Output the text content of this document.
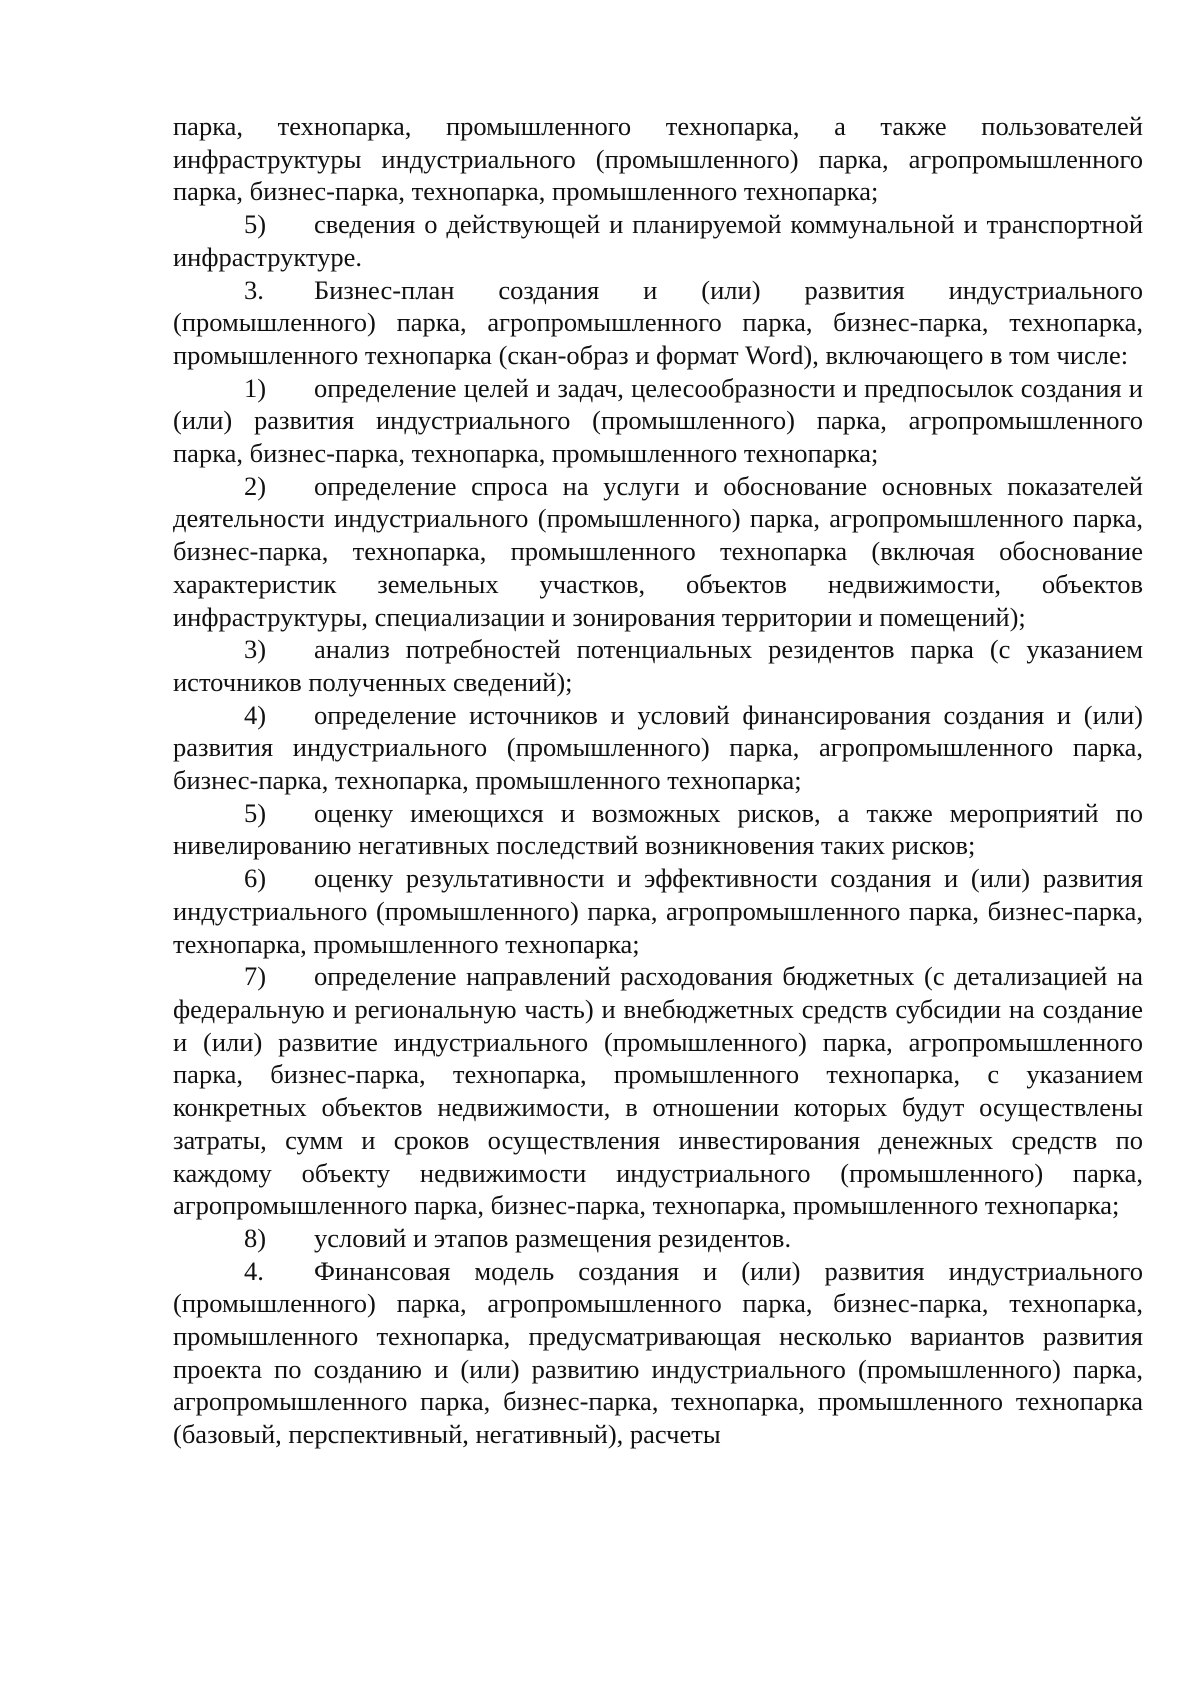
парка, технопарка, промышленного технопарка, а также пользователей инфраструктуры индустриального (промышленного) парка, агропромышленного парка, бизнес-парка, технопарка, промышленного технопарка;

5) сведения о действующей и планируемой коммунальной и транспортной инфраструктуре.

3. Бизнес-план создания и (или) развития индустриального (промышленного) парка, агропромышленного парка, бизнес-парка, технопарка, промышленного технопарка (скан-образ и формат Word), включающего в том числе:

1) определение целей и задач, целесообразности и предпосылок создания и (или) развития индустриального (промышленного) парка, агропромышленного парка, бизнес-парка, технопарка, промышленного технопарка;

2) определение спроса на услуги и обоснование основных показателей деятельности индустриального (промышленного) парка, агропромышленного парка, бизнес-парка, технопарка, промышленного технопарка (включая обоснование характеристик земельных участков, объектов недвижимости, объектов инфраструктуры, специализации и зонирования территории и помещений);

3) анализ потребностей потенциальных резидентов парка (с указанием источников полученных сведений);

4) определение источников и условий финансирования создания и (или) развития индустриального (промышленного) парка, агропромышленного парка, бизнес-парка, технопарка, промышленного технопарка;

5) оценку имеющихся и возможных рисков, а также мероприятий по нивелированию негативных последствий возникновения таких рисков;

6) оценку результативности и эффективности создания и (или) развития индустриального (промышленного) парка, агропромышленного парка, бизнес-парка, технопарка, промышленного технопарка;

7) определение направлений расходования бюджетных (с детализацией на федеральную и региональную часть) и внебюджетных средств субсидии на создание и (или) развитие индустриального (промышленного) парка, агропромышленного парка, бизнес-парка, технопарка, промышленного технопарка, с указанием конкретных объектов недвижимости, в отношении которых будут осуществлены затраты, сумм и сроков осуществления инвестирования денежных средств по каждому объекту недвижимости индустриального (промышленного) парка, агропромышленного парка, бизнес-парка, технопарка, промышленного технопарка;

8) условий и этапов размещения резидентов.

4. Финансовая модель создания и (или) развития индустриального (промышленного) парка, агропромышленного парка, бизнес-парка, технопарка, промышленного технопарка, предусматривающая несколько вариантов развития проекта по созданию и (или) развитию индустриального (промышленного) парка, агропромышленного парка, бизнес-парка, технопарка, промышленного технопарка (базовый, перспективный, негативный), расчеты
